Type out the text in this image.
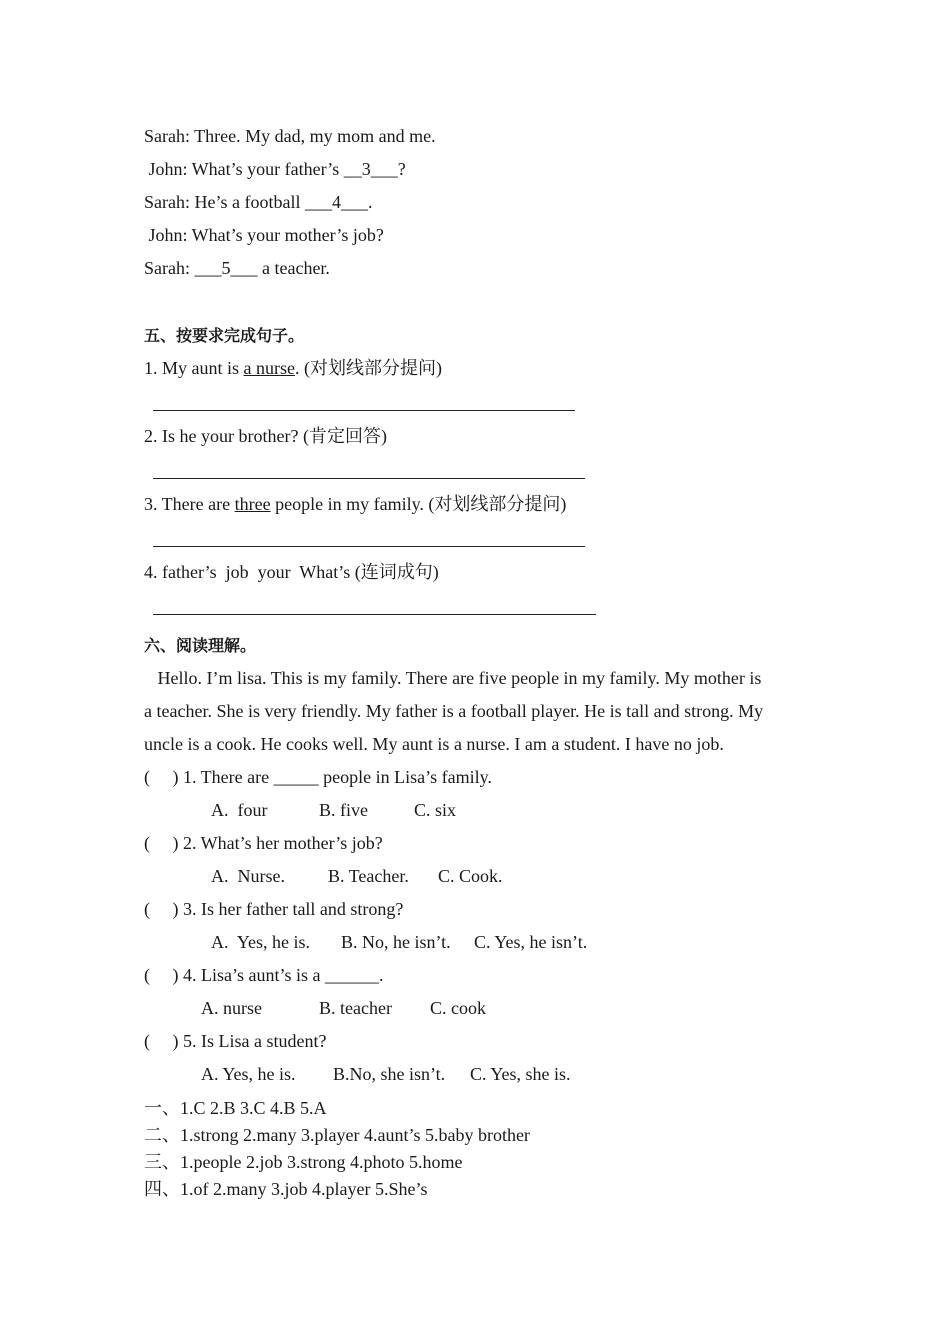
Sarah: Three. My dad, my mom and me.
John: What’s your father’s __3___?
Sarah: He’s a football ___4___.
John: What’s your mother’s job?
Sarah: ___5___ a teacher.
五、按要求完成句子。
1. My aunt is a nurse. (对划线部分提问)
2. Is he your brother? (肯定回答)
3. There are three people in my family. (对划线部分提问)
4. father’s  job  your  What’s (连词成句)
六、阅读理解。
Hello. I’m lisa. This is my family. There are five people in my family. My mother is
a teacher. She is very friendly. My father is a football player. He is tall and strong. My
uncle is a cook. He cooks well. My aunt is a nurse. I am a student. I have no job.
(     ) 1. There are _____ people in Lisa’s family.
A.  four	B. five	C. six
(     ) 2. What’s her mother’s job?
A.  Nurse. B. Teacher. C. Cook.
(     ) 3. Is her father tall and strong?
A.  Yes, he is. B. No, he isn’t. C. Yes, he isn’t.
(     ) 4. Lisa’s aunt’s is a ______.
A. nurse	B. teacher C. cook
(     ) 5. Is Lisa a student?
A. Yes, he is. B.No, she isn’t. C. Yes, she is.
一、1.C 2.B 3.C 4.B 5.A
二、1.strong 2.many 3.player 4.aunt’s 5.baby brother
三、1.people 2.job 3.strong 4.photo 5.home
四、1.of 2.many 3.job 4.player 5.She’s
